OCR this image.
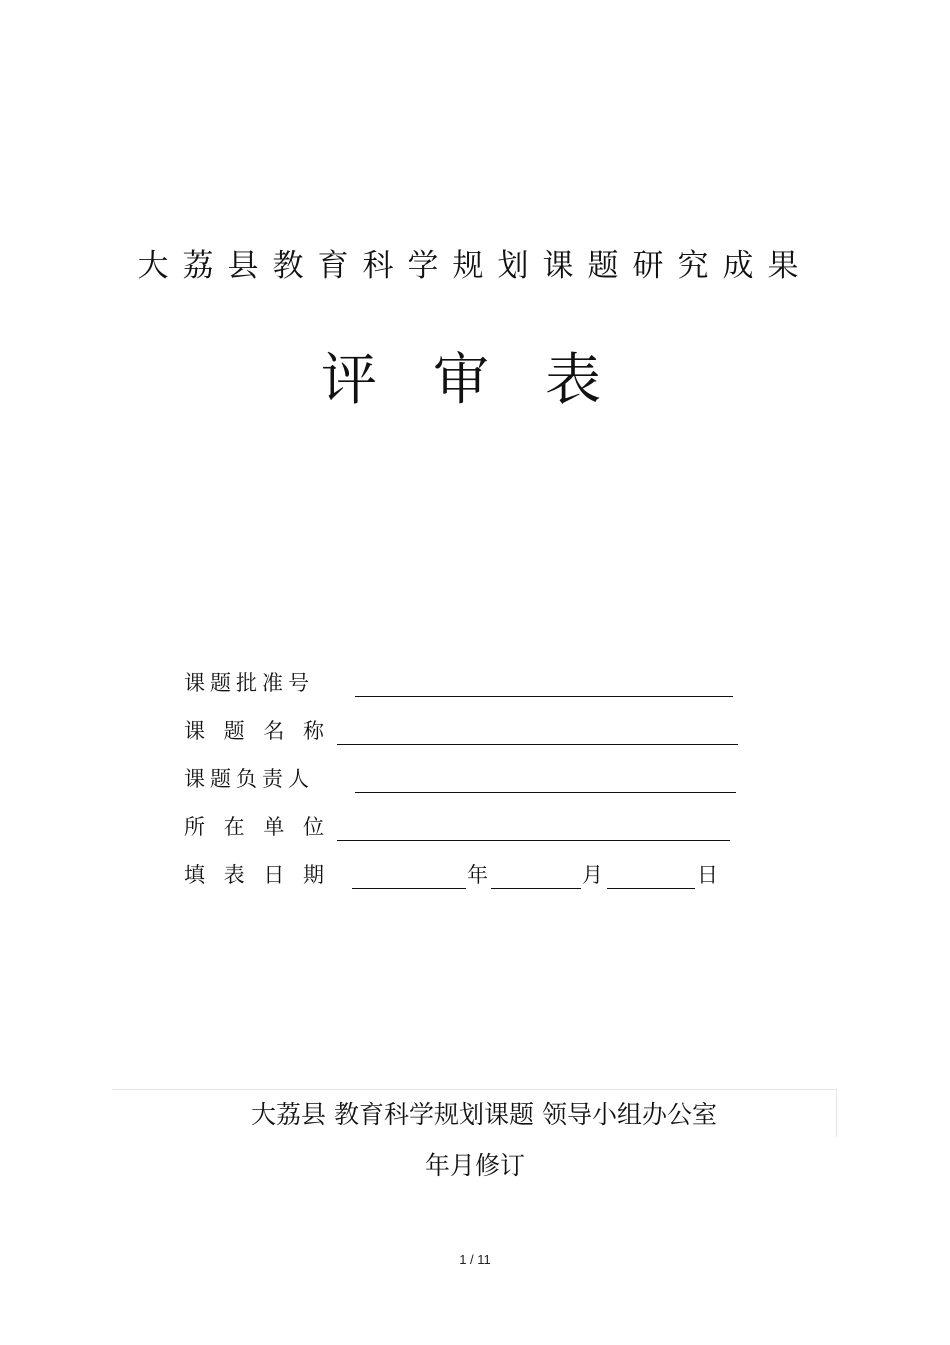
大荔县教育科学规划课题研究成果
评审表
课题批准号
课 题 名 称
课题负责人
所 在 单 位
填 表 日 期	年	月	日
大荔县 教育科学规划课题 领导小组办公室
年月修订
1 / 11
